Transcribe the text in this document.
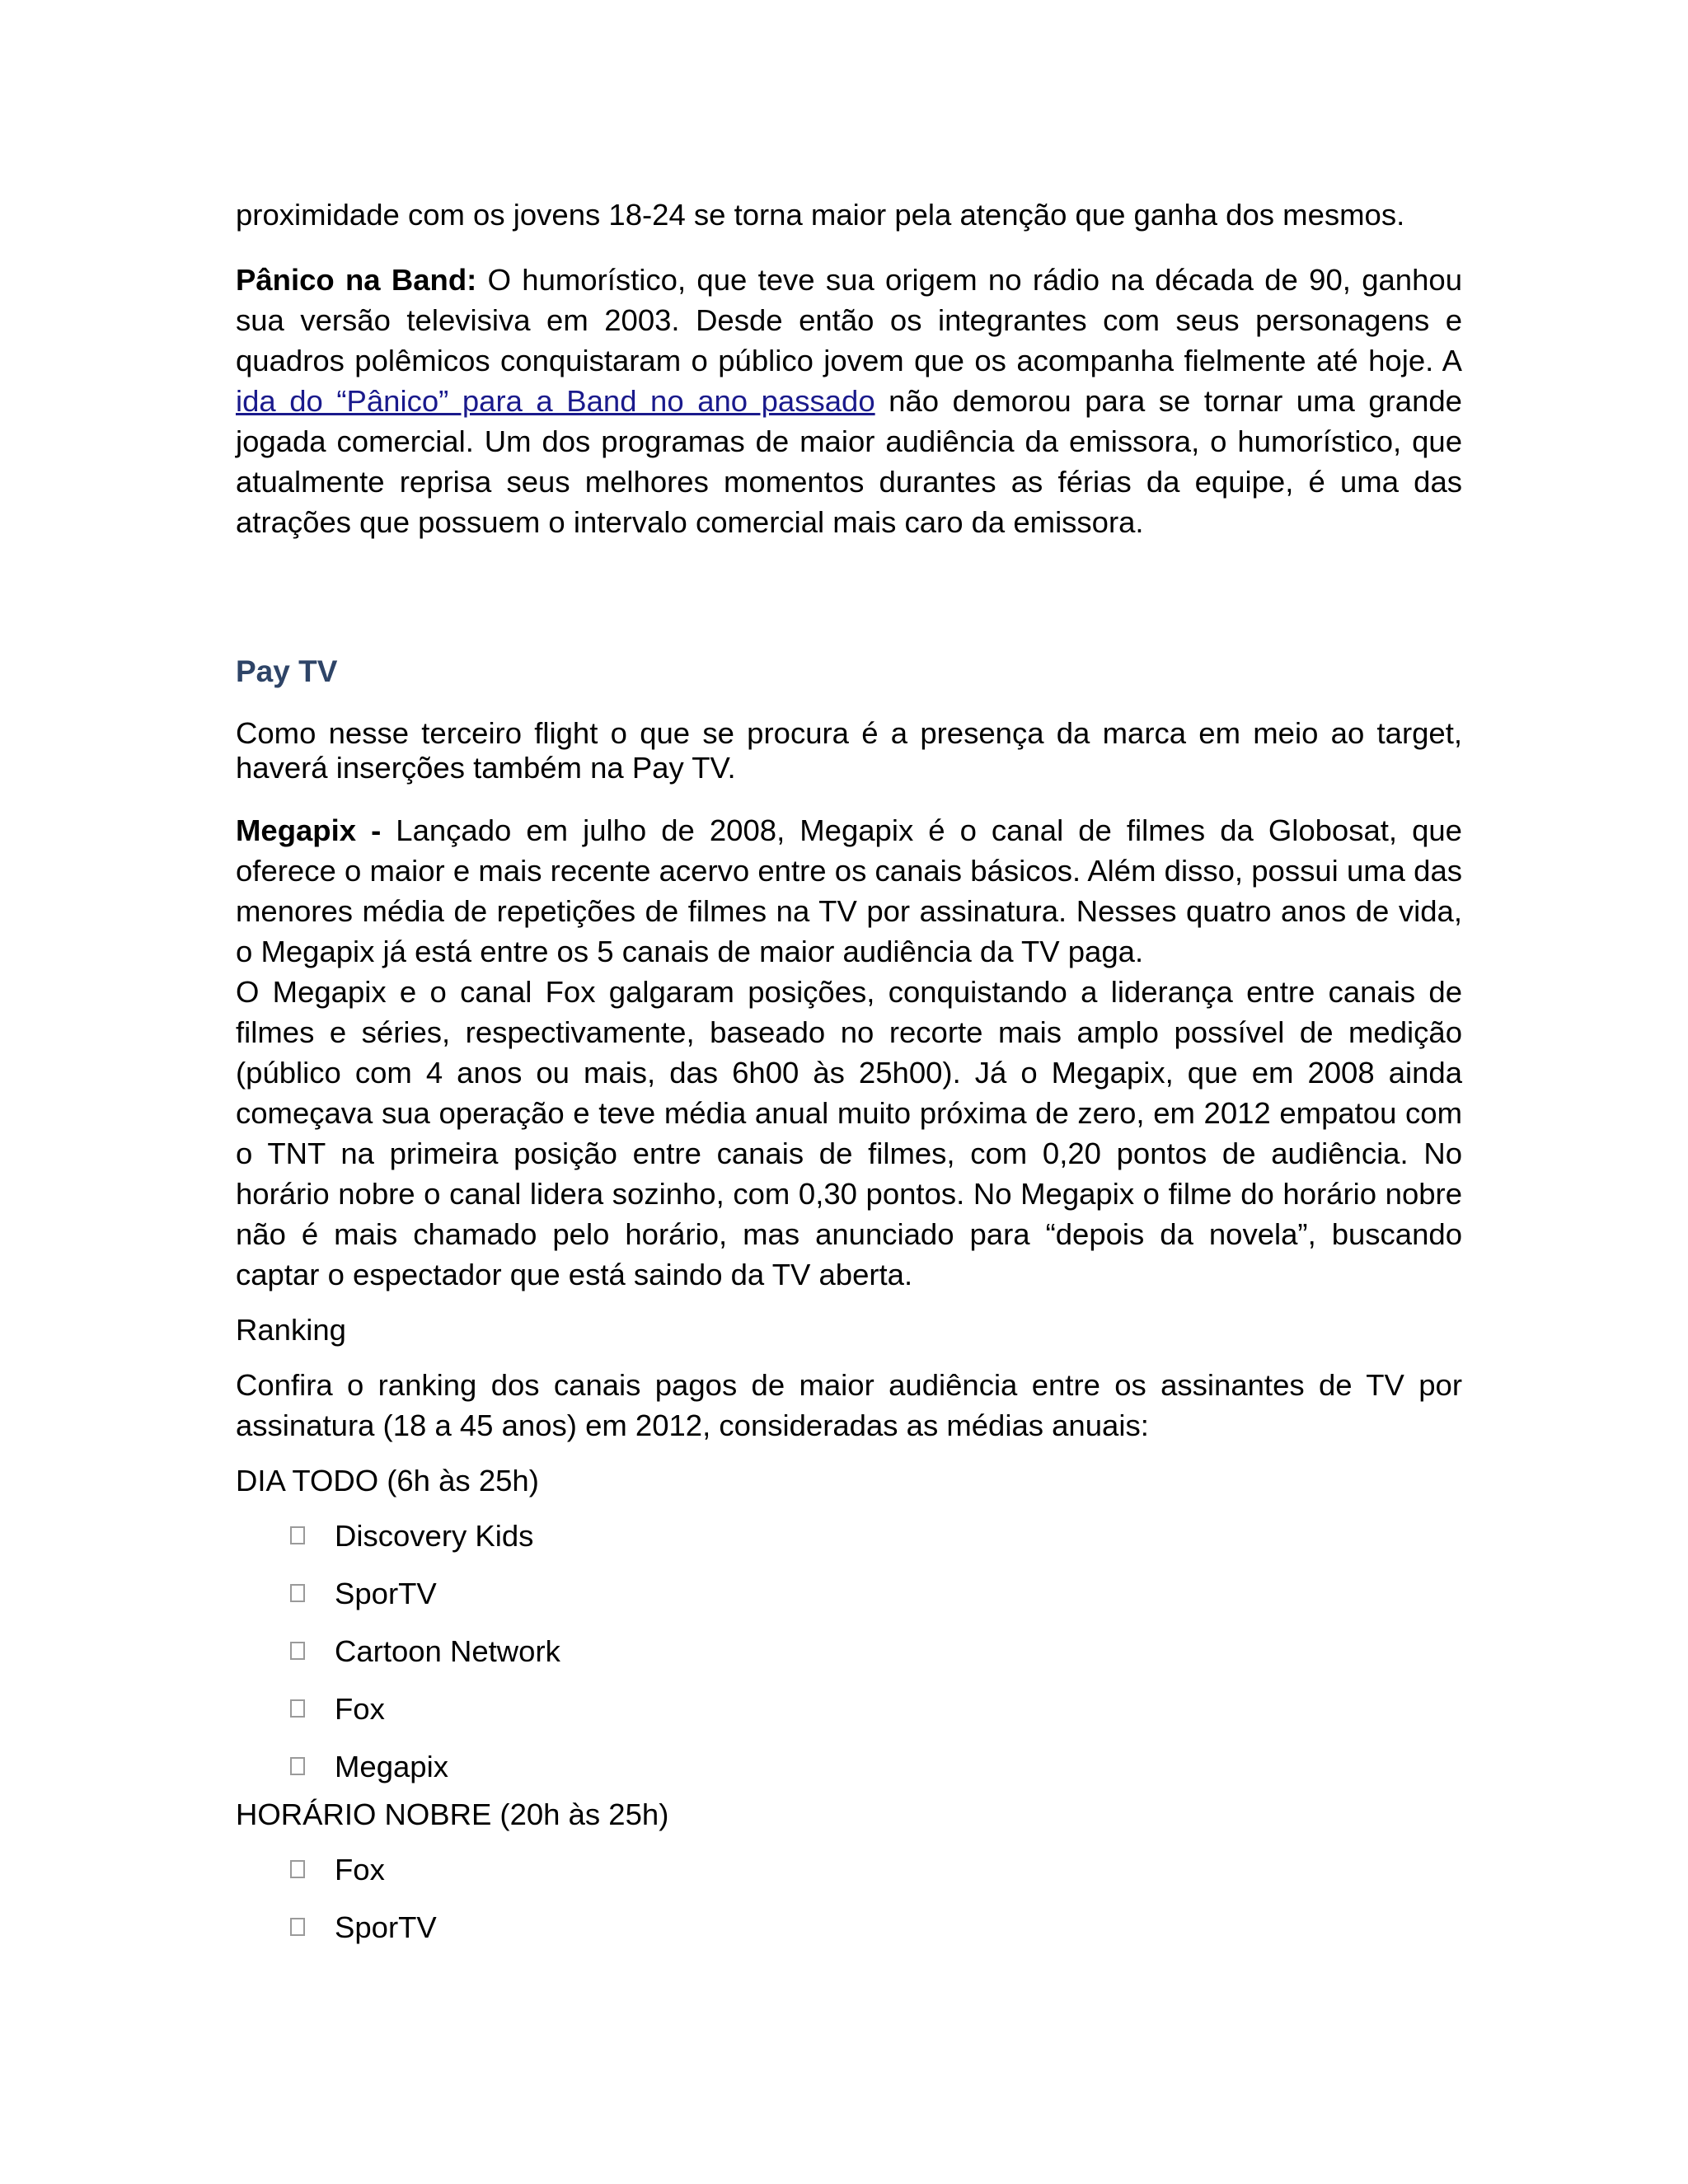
proximidade com os jovens 18-24 se torna maior pela atenção que ganha dos mesmos.

Pânico na Band: O humorístico, que teve sua origem no rádio na década de 90, ganhou sua versão televisiva em 2003. Desde então os integrantes com seus personagens e quadros polêmicos conquistaram o público jovem que os acompanha fielmente até hoje. A ida do “Pânico” para a Band no ano passado não demorou para se tornar uma grande jogada comercial. Um dos programas de maior audiência da emissora, o humorístico, que atualmente reprisa seus melhores momentos durantes as férias da equipe, é uma das atrações que possuem o intervalo comercial mais caro da emissora.

Pay TV

Como nesse terceiro flight o que se procura é a presença da marca em meio ao target, haverá inserções também na Pay TV.

Megapix - Lançado em julho de 2008, Megapix é o canal de filmes da Globosat, que oferece o maior e mais recente acervo entre os canais básicos. Além disso, possui uma das menores média de repetições de filmes na TV por assinatura. Nesses quatro anos de vida, o Megapix já está entre os 5 canais de maior audiência da TV paga.

O Megapix e o canal Fox galgaram posições, conquistando a liderança entre canais de filmes e séries, respectivamente, baseado no recorte mais amplo possível de medição (público com 4 anos ou mais, das 6h00 às 25h00). Já o Megapix, que em 2008 ainda começava sua operação e teve média anual muito próxima de zero, em 2012 empatou com o TNT na primeira posição entre canais de filmes, com 0,20 pontos de audiência. No horário nobre o canal lidera sozinho, com 0,30 pontos. No Megapix o filme do horário nobre não é mais chamado pelo horário, mas anunciado para “depois da novela”, buscando captar o espectador que está saindo da TV aberta.

Ranking

Confira o ranking dos canais pagos de maior audiência entre os assinantes de TV por assinatura (18 a 45 anos) em 2012, consideradas as médias anuais:

DIA TODO (6h às 25h)

Discovery Kids
SporTV
Cartoon Network
Fox
Megapix

HORÁRIO NOBRE (20h às 25h)

Fox
SporTV
